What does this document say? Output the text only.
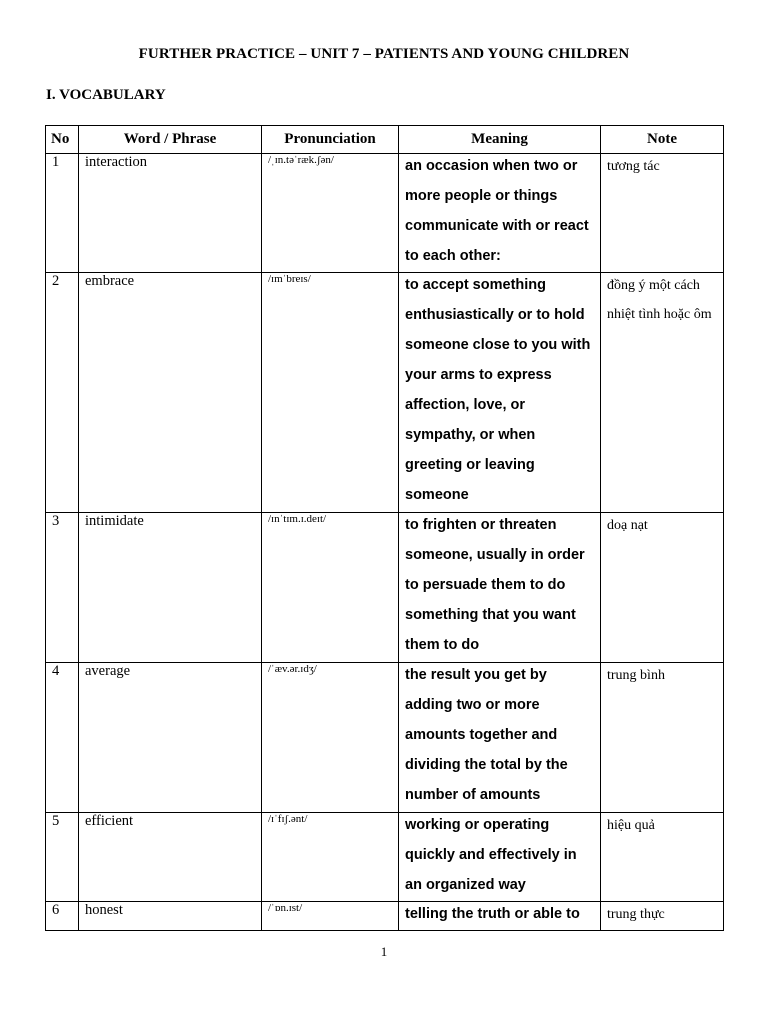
FURTHER PRACTICE – UNIT 7 – PATIENTS AND YOUNG CHILDREN
I. VOCABULARY
No	Word / Phrase	Pronunciation	Meaning	Note
1	interaction	/ˌɪn.təˈræk.ʃən/	an occasion when two or more people or things communicate with or react to each other:	tương tác

2	embrace	/ɪmˈbreɪs/	to accept something enthusiastically or to hold someone close to you with your arms to express affection, love, or sympathy, or when greeting or leaving someone	đồng ý một cách nhiệt tình hoặc ôm

3	intimidate	/ɪnˈtɪm.ɪ.deɪt/	to frighten or threaten someone, usually in order to persuade them to do something that you want them to do	doạ nạt

4	average	/ˈæv.ər.ɪdʒ/	the result you get by adding two or more amounts together and dividing the total by the number of amounts	trung bình

5	efficient	/ɪˈfɪʃ.ənt/	working or operating quickly and effectively in an organized way	hiệu quả

6	honest	/ˈɒn.ɪst/	telling the truth or able to	trung thực
1
